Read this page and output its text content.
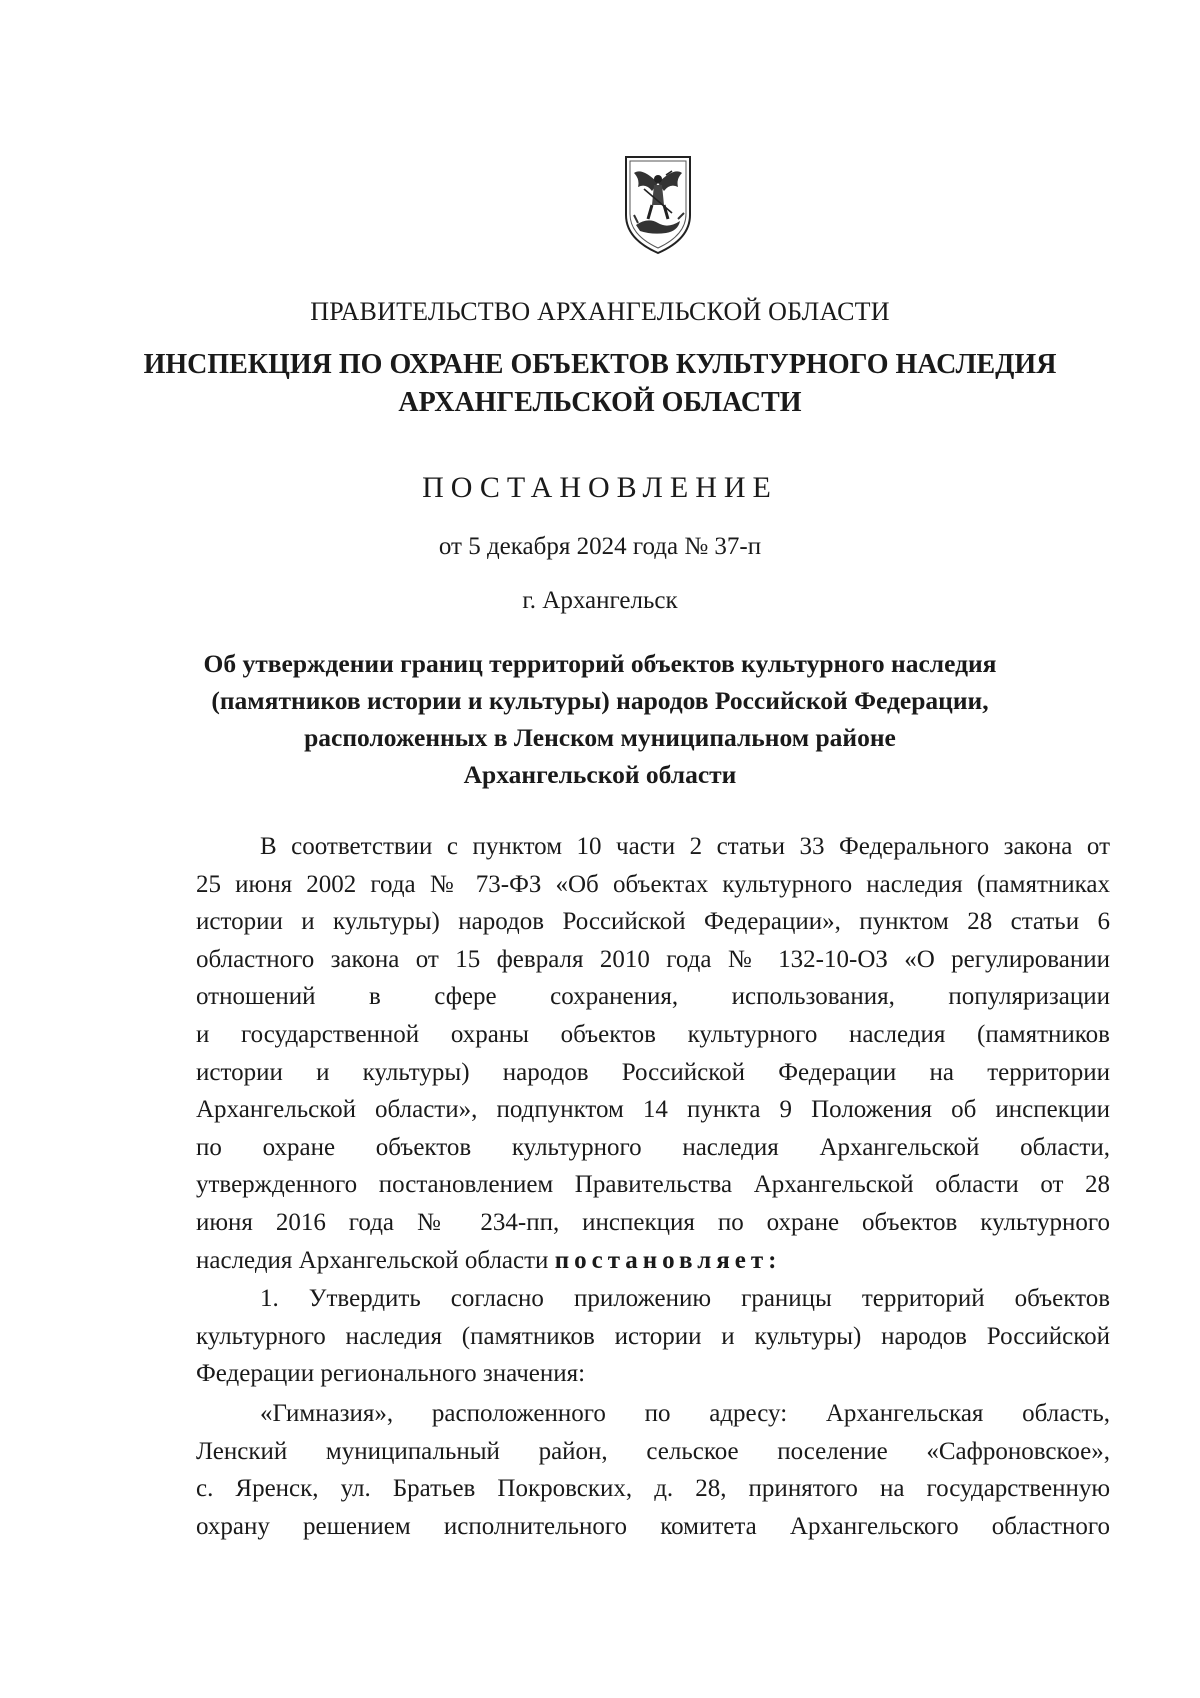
ПРАВИТЕЛЬСТВО АРХАНГЕЛЬСКОЙ ОБЛАСТИ
ИНСПЕКЦИЯ ПО ОХРАНЕ ОБЪЕКТОВ КУЛЬТУРНОГО НАСЛЕДИЯ
АРХАНГЕЛЬСКОЙ ОБЛАСТИ
ПОСТАНОВЛЕНИЕ
от 5 декабря 2024 года № 37-п
г. Архангельск
Об утверждении границ территорий объектов культурного наследия
(памятников истории и культуры) народов Российской Федерации,
расположенных в Ленском муниципальном районе
Архангельской области
В соответствии с пунктом 10 части 2 статьи 33 Федерального закона от
25 июня 2002 года № 73-ФЗ «Об объектах культурного наследия (памятниках
истории и культуры) народов Российской Федерации», пунктом 28 статьи 6
областного закона от 15 февраля 2010 года № 132-10-ОЗ «О регулировании
отношений в сфере сохранения, использования, популяризации
и государственной охраны объектов культурного наследия (памятников
истории и культуры) народов Российской Федерации на территории
Архангельской области», подпунктом 14 пункта 9 Положения об инспекции
по охране объектов культурного наследия Архангельской области,
утвержденного постановлением Правительства Архангельской области от 28
июня 2016 года № 234-пп, инспекция по охране объектов культурного
наследия Архангельской области постановляет:
1. Утвердить согласно приложению границы территорий объектов
культурного наследия (памятников истории и культуры) народов Российской
Федерации регионального значения:
«Гимназия», расположенного по адресу: Архангельская область,
Ленский муниципальный район, сельское поселение «Сафроновское»,
с. Яренск, ул. Братьев Покровских, д. 28, принятого на государственную
охрану решением исполнительного комитета Архангельского областного
